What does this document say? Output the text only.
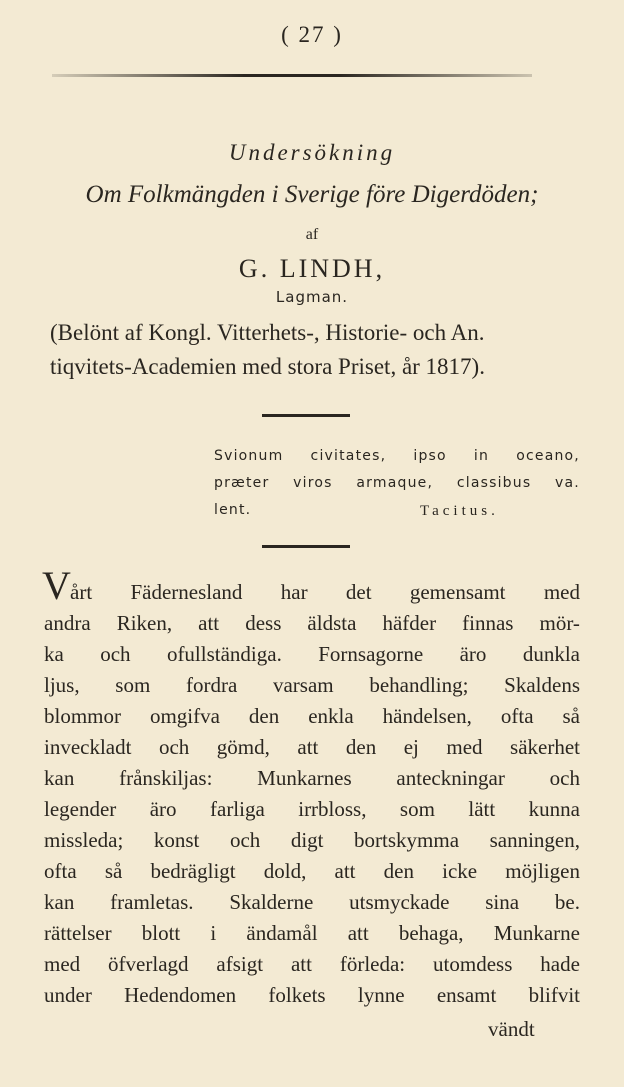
( 27 )
Undersökning
Om Folkmängden i Sverige före Digerdöden;
af
G. LINDH,
Lagman.
(Belönt af Kongl. Vitterhets-, Historie- och An.
tiqvitets-Academien med stora Priset, år 1817).
Svionum civitates, ipso in oceano,
præter viros armaque, classibus va.
lent.	Tacitus.
V årt Fädernesland har det gemensamt med
andra Riken, att dess äldsta häfder finnas mör-
ka och ofullständiga. Fornsagorne äro dunkla
ljus, som fordra varsam behandling; Skaldens
blommor omgifva den enkla händelsen, ofta så
inveckladt och gömd, att den ej med säkerhet
kan frånskiljas: Munkarnes anteckningar och
legender äro farliga irrbloss, som lätt kunna
missleda; konst och digt bortskymma sanningen,
ofta så bedrägligt dold, att den icke möjligen
kan framletas. Skalderne utsmyckade sina be.
rättelser blott i ändamål att behaga, Munkarne
med öfverlagd afsigt att förleda: utomdess hade
under Hedendomen folkets lynne ensamt blifvit
vändt
